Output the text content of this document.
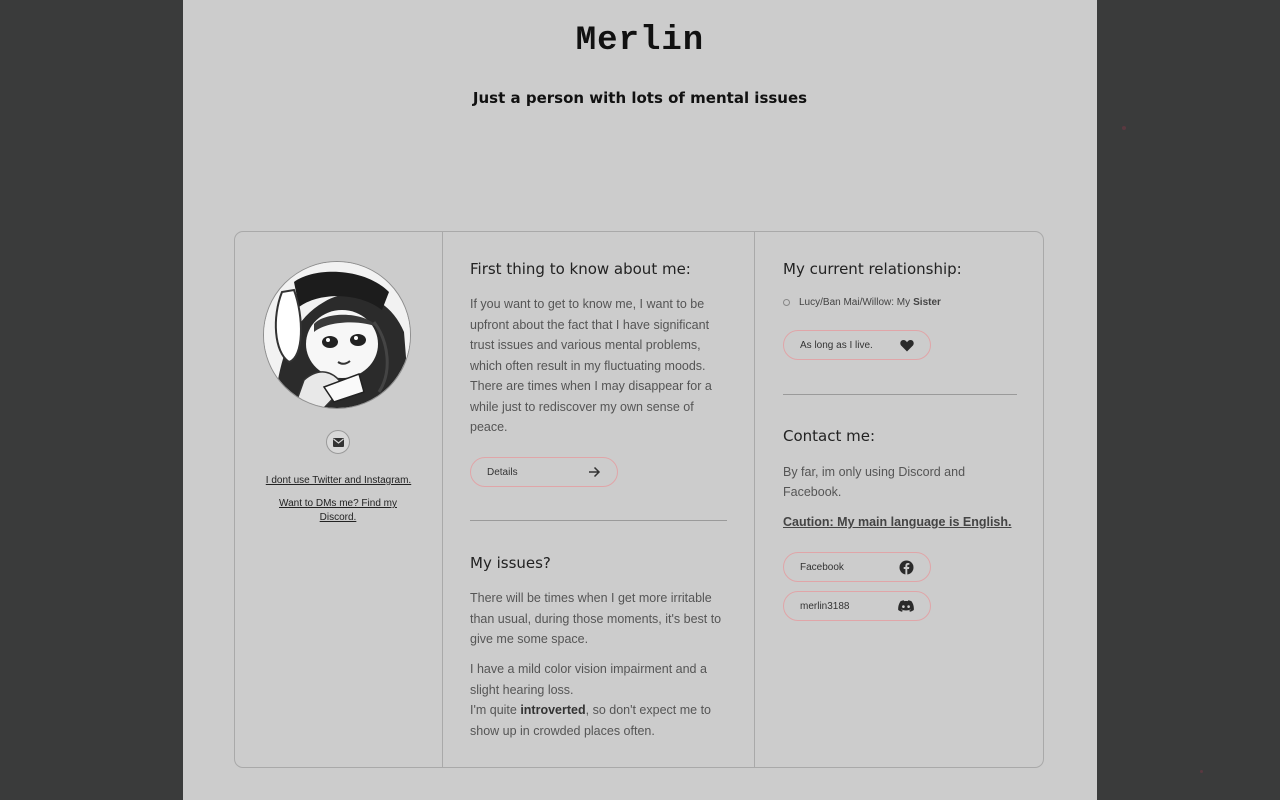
Merlin
Just a person with lots of mental issues
I dont use Twitter and Instagram.
Want to DMs me? Find my
Discord.
First thing to know about me:
If you want to get to know me, I want to be
upfront about the fact that I have significant
trust issues and various mental problems,
which often result in my fluctuating moods.
There are times when I may disappear for a
while just to rediscover my own sense of
peace.
Details
My issues?
There will be times when I get more irritable
than usual, during those moments, it's best to
give me some space.
I have a mild color vision impairment and a
slight hearing loss.
I'm quite introverted, so don't expect me to
show up in crowded places often.
My current relationship:
Lucy/Ban Mai/Willow: My Sister
As long as I live.
Contact me:
By far, im only using Discord and
Facebook.
Caution: My main language is English.
Facebook
merlin3188
